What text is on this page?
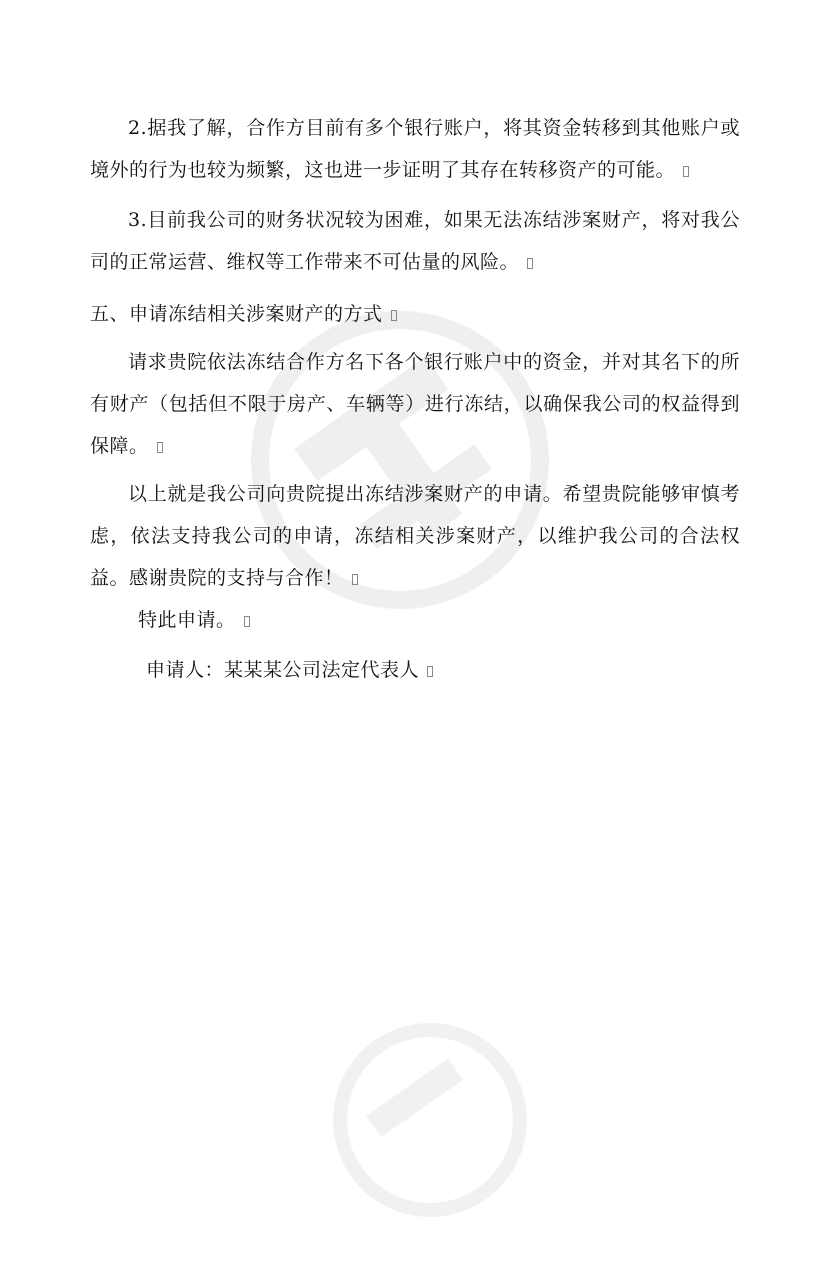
2.据我了解，合作方目前有多个银行账户，将其资金转移到其他账户或境外的行为也较为频繁，这也进一步证明了其存在转移资产的可能。

3.目前我公司的财务状况较为困难，如果无法冻结涉案财产，将对我公司的正常运营、维权等工作带来不可估量的风险。

五、申请冻结相关涉案财产的方式

请求贵院依法冻结合作方名下各个银行账户中的资金，并对其名下的所有财产（包括但不限于房产、车辆等）进行冻结，以确保我公司的权益得到保障。

以上就是我公司向贵院提出冻结涉案财产的申请。希望贵院能够审慎考虑，依法支持我公司的申请，冻结相关涉案财产，以维护我公司的合法权益。感谢贵院的支持与合作！

特此申请。

申请人：某某某公司法定代表人
